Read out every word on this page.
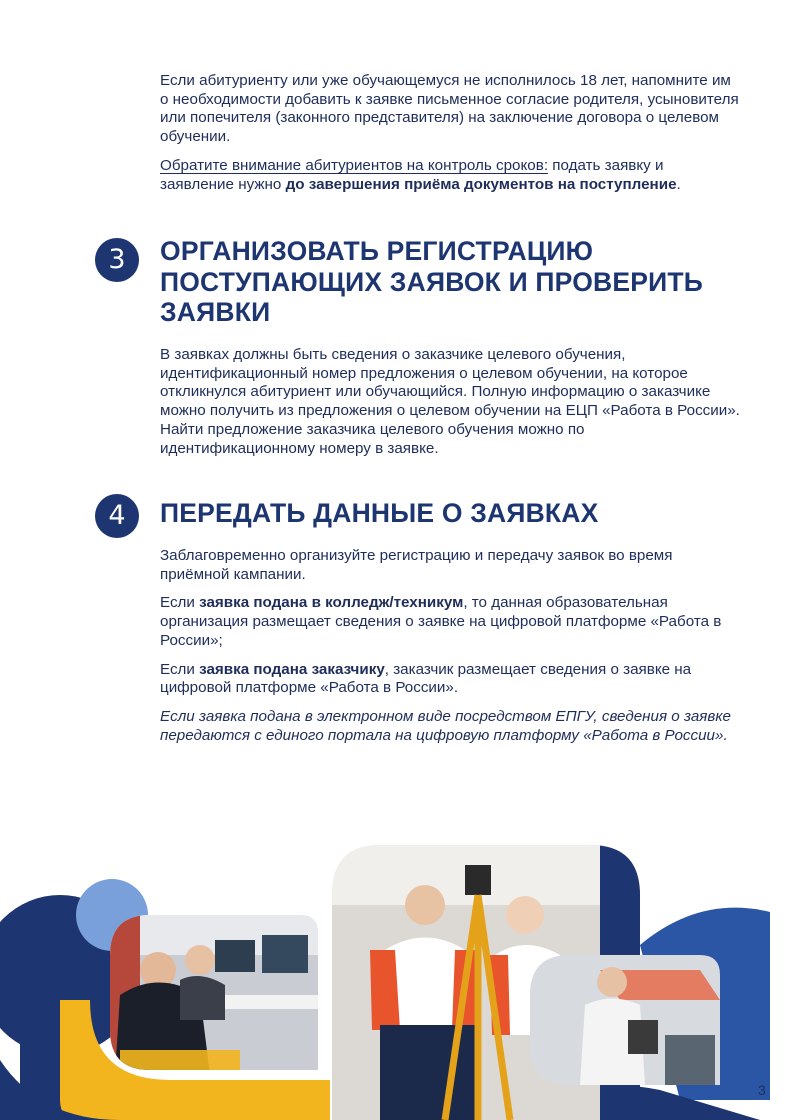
Если абитуриенту или уже обучающемуся не исполнилось 18 лет, напомните им о необходимости добавить к заявке письменное согласие родителя, усыновителя или попечителя (законного представителя) на заключение договора о целевом обучении.

Обратите внимание абитуриентов на контроль сроков: подать заявку и заявление нужно до завершения приёма документов на поступление.

3	ОРГАНИЗОВАТЬ РЕГИСТРАЦИЮ ПОСТУПАЮЩИХ ЗАЯВОК И ПРОВЕРИТЬ ЗАЯВКИ

В заявках должны быть сведения о заказчике целевого обучения, идентификационный номер предложения о целевом обучении, на которое откликнулся абитуриент или обучающийся. Полную информацию о заказчике можно получить из предложения о целевом обучении на ЕЦП «Работа в России». Найти предложение заказчика целевого обучения можно по идентификационному номеру в заявке.

4	ПЕРЕДАТЬ ДАННЫЕ О ЗАЯВКАХ

Заблаговременно организуйте регистрацию и передачу заявок во время приёмной кампании.

Если заявка подана в колледж/техникум, то данная образовательная организация размещает сведения о заявке на цифровой платформе «Работа в России»;

Если заявка подана заказчику, заказчик размещает сведения о заявке на цифровой платформе «Работа в России».

Если заявка подана в электронном виде посредством ЕПГУ, сведения о заявке передаются с единого портала на цифровую платформу «Работа в России».

3
